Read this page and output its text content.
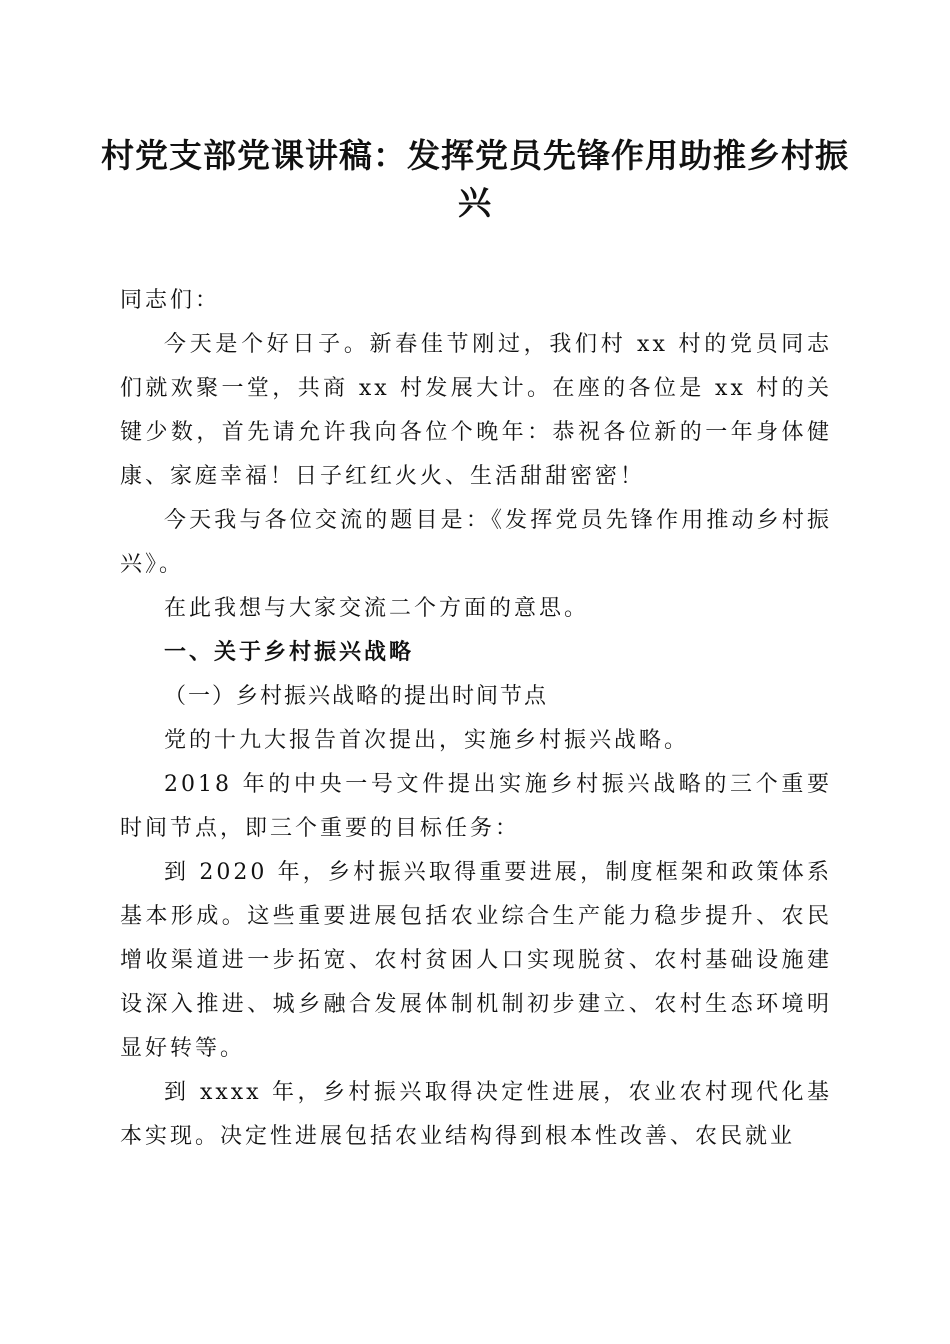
村党支部党课讲稿：发挥党员先锋作用助推乡村振兴

同志们：

今天是个好日子。新春佳节刚过，我们村 xx 村的党员同志们就欢聚一堂，共商 xx 村发展大计。在座的各位是 xx 村的关键少数，首先请允许我向各位个晚年：恭祝各位新的一年身体健康、家庭幸福！日子红红火火、生活甜甜密密！

今天我与各位交流的题目是：《发挥党员先锋作用推动乡村振兴》。

在此我想与大家交流二个方面的意思。

一、关于乡村振兴战略

（一）乡村振兴战略的提出时间节点

党的十九大报告首次提出，实施乡村振兴战略。

2018 年的中央一号文件提出实施乡村振兴战略的三个重要时间节点，即三个重要的目标任务：

到 2020 年，乡村振兴取得重要进展，制度框架和政策体系基本形成。这些重要进展包括农业综合生产能力稳步提升、农民增收渠道进一步拓宽、农村贫困人口实现脱贫、农村基础设施建设深入推进、城乡融合发展体制机制初步建立、农村生态环境明显好转等。

到 xxxx 年，乡村振兴取得决定性进展，农业农村现代化基本实现。决定性进展包括农业结构得到根本性改善、农民就业
